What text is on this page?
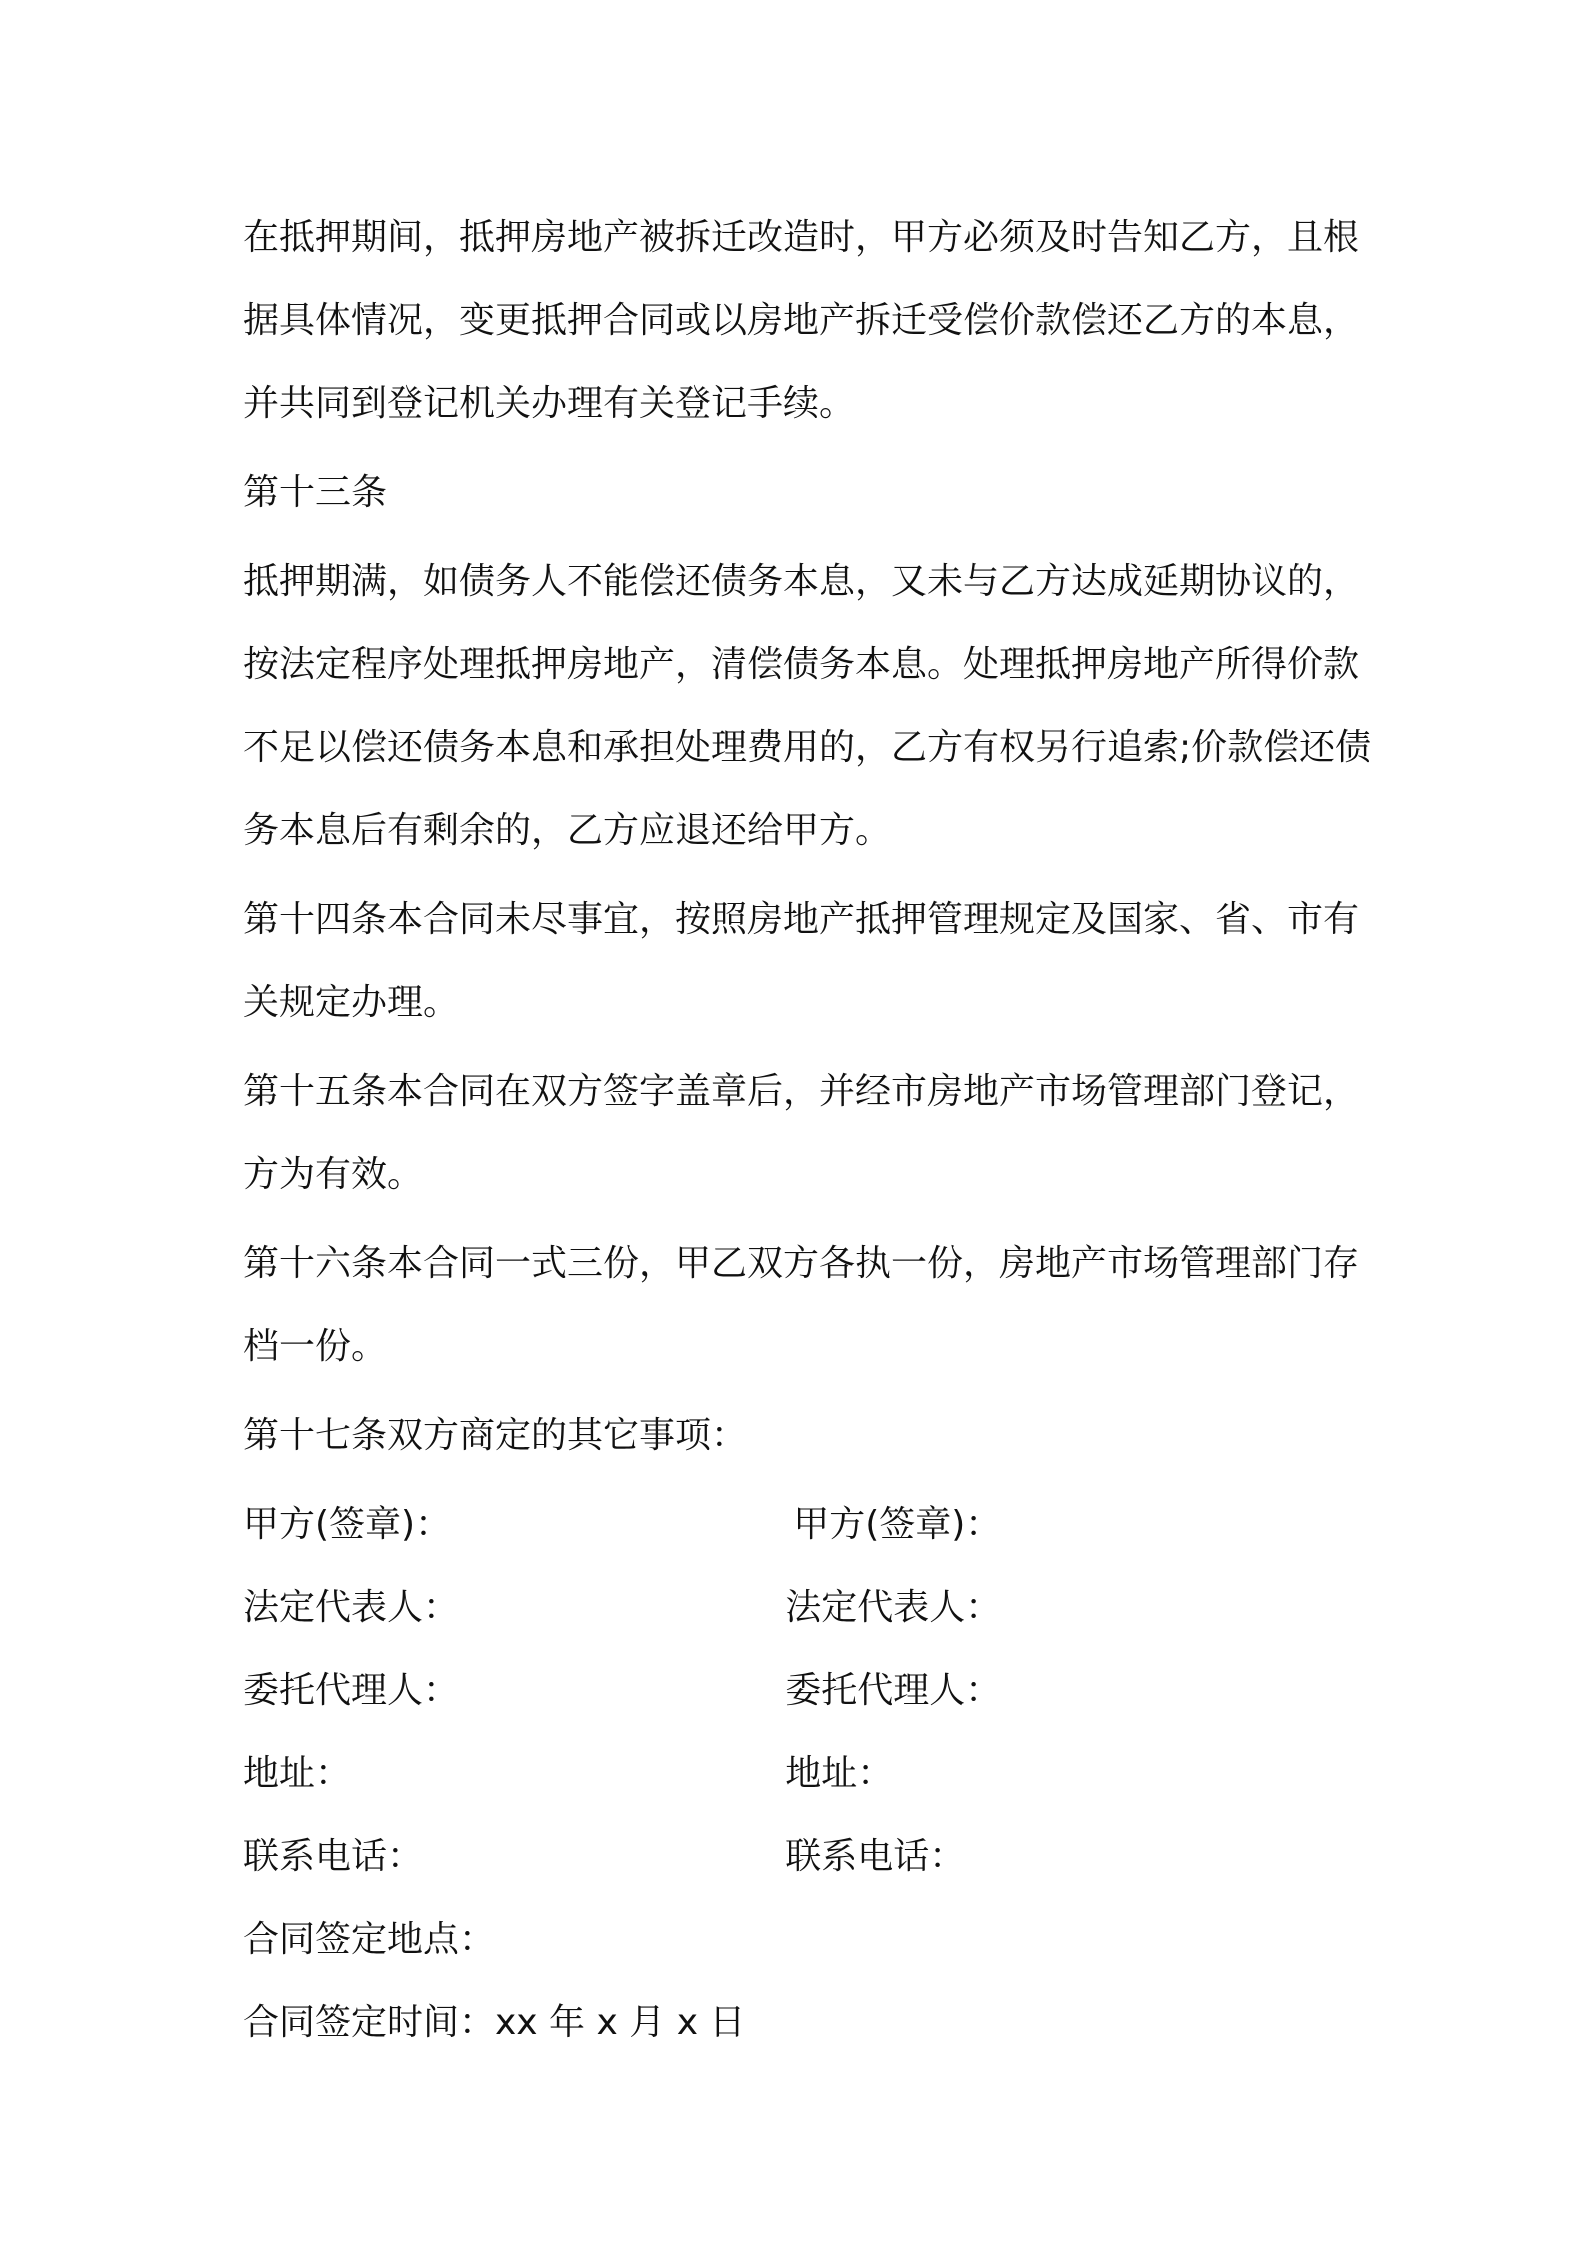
在抵押期间，抵押房地产被拆迁改造时，甲方必须及时告知乙方，且根据具体情况，变更抵押合同或以房地产拆迁受偿价款偿还乙方的本息，并共同到登记机关办理有关登记手续。

第十三条

抵押期满，如债务人不能偿还债务本息，又未与乙方达成延期协议的，按法定程序处理抵押房地产，清偿债务本息。处理抵押房地产所得价款不足以偿还债务本息和承担处理费用的，乙方有权另行追索;价款偿还债务本息后有剩余的，乙方应退还给甲方。

第十四条本合同未尽事宜，按照房地产抵押管理规定及国家、省、市有关规定办理。

第十五条本合同在双方签字盖章后，并经市房地产市场管理部门登记，方为有效。

第十六条本合同一式三份，甲乙双方各执一份，房地产市场管理部门存档一份。

第十七条双方商定的其它事项：

甲方(签章)：	甲方(签章)：
法定代表人：	法定代表人：
委托代理人：	委托代理人：
地址：	地址：
联系电话：	联系电话：

合同签定地点：

合同签定时间：xx 年 x 月 x 日
